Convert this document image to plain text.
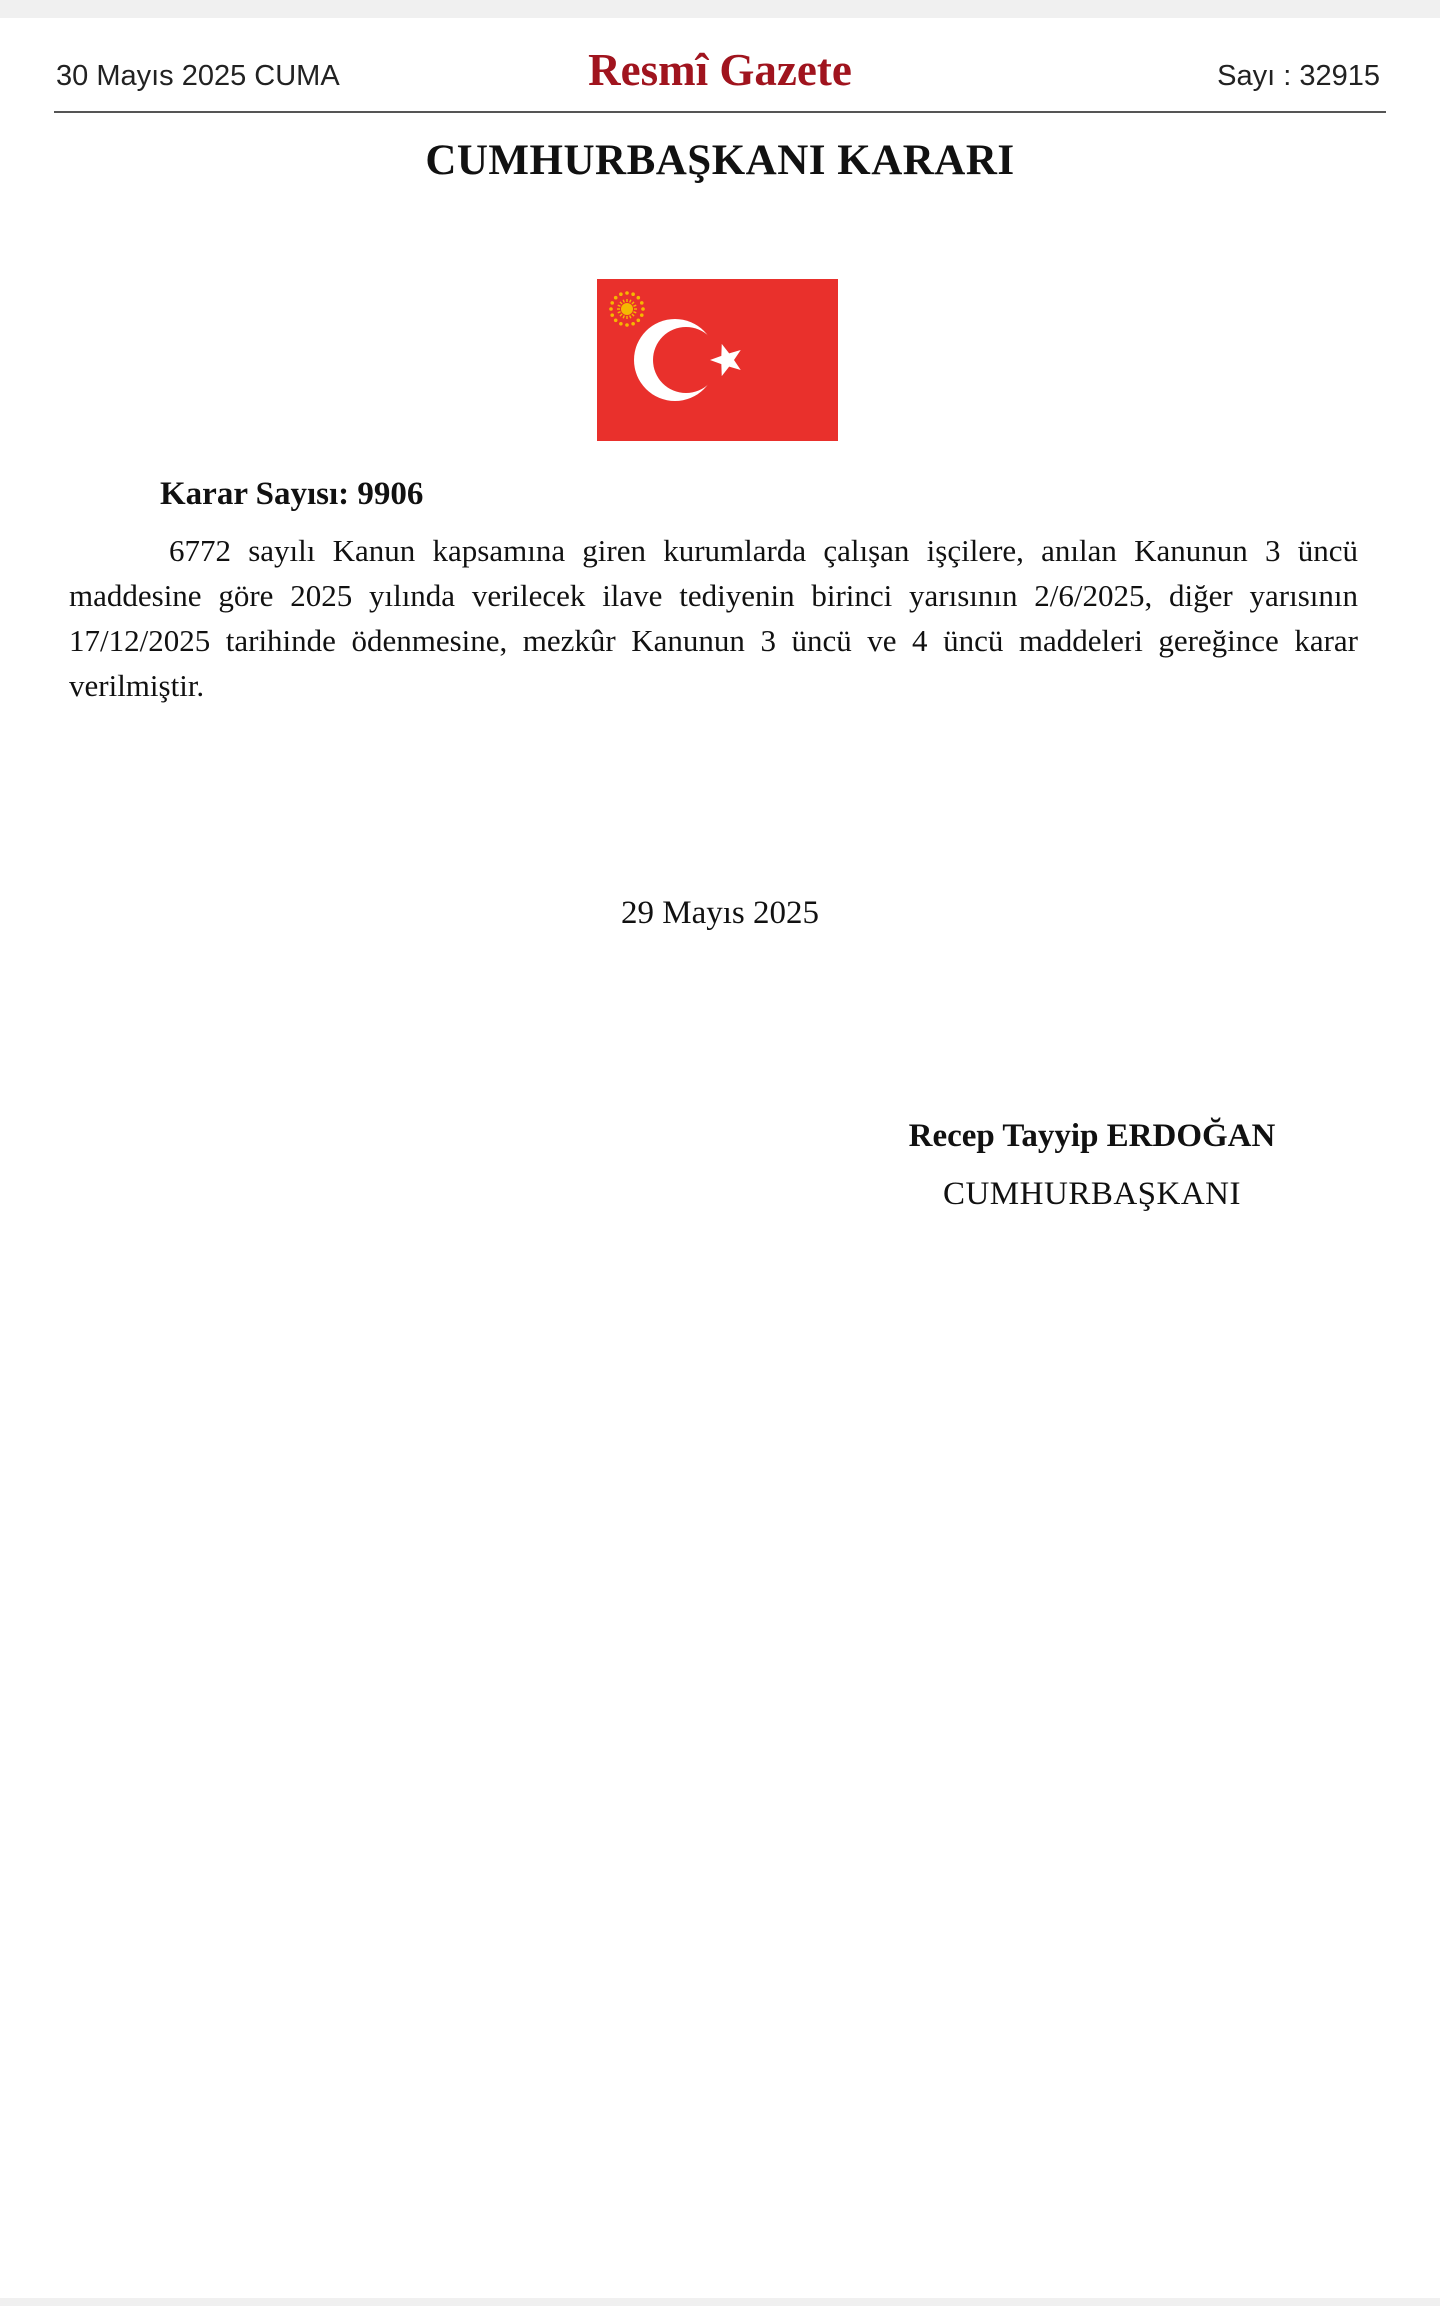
30 Mayıs 2025 CUMA	Resmî Gazete	Sayı : 32915
CUMHURBAŞKANI KARARI
Karar Sayısı: 9906

6772 sayılı Kanun kapsamına giren kurumlarda çalışan işçilere, anılan Kanunun 3 üncü maddesine göre 2025 yılında verilecek ilave tediyenin birinci yarısının 2/6/2025, diğer yarısının 17/12/2025 tarihinde ödenmesine, mezkûr Kanunun 3 üncü ve 4 üncü maddeleri gereğince karar verilmiştir.

29 Mayıs 2025
Recep Tayyip ERDOĞAN
CUMHURBAŞKANI
